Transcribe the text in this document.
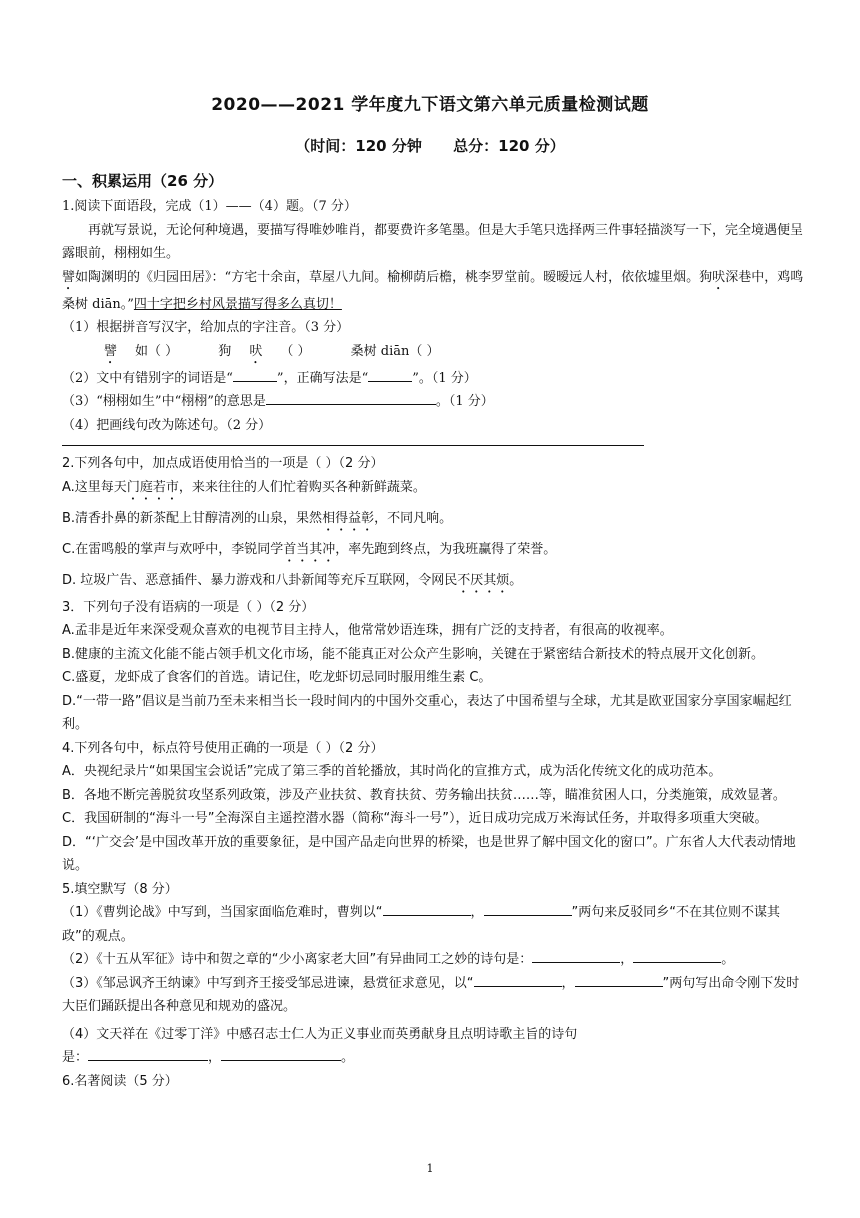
2020——2021 学年度九下语文第六单元质量检测试题
（时间：120 分钟      总分：120 分）
一、积累运用（26 分）

1.阅读下面语段，完成（1）——（4）题。（7 分）

再就写景说，无论何种境遇，要描写得唯妙唯肖，都要费许多笔墨。但是大手笔只选择两三件事轻描淡写一下，完全境遇便呈露眼前，栩栩如生。

譬如陶渊明的《归园田居》：“方宅十余亩，草屋八九间。榆柳荫后檐，桃李罗堂前。暧暧远人村，依依墟里烟。狗吠深巷中，鸡鸣桑树 diān。”四十字把乡村风景描写得多么真切！

（1）根据拼音写汉字，给加点的字注音。（3 分）

譬 如（ ）	狗 吠 （ ）	桑树 diān（ ）

（2）文中有错别字的词语是“	”，正确写法是“	”。（1 分）

（3）“栩栩如生”中“栩栩”的意思是	。（1 分）

（4）把画线句改为陈述句。（2 分）

2.下列各句中，加点成语使用恰当的一项是（ ）（2 分）

A.这里每天门庭若市，来来往往的人们忙着购买各种新鲜蔬菜。

B.清香扑鼻的新茶配上甘醇清冽的山泉，果然相得益彰，不同凡响。

C.在雷鸣般的掌声与欢呼中，李锐同学首当其冲，率先跑到终点，为我班赢得了荣誉。

D. 垃圾广告、恶意插件、暴力游戏和八卦新闻等充斥互联网，令网民不厌其烦。

3．下列句子没有语病的一项是（ ）（2 分）

A.孟非是近年来深受观众喜欢的电视节目主持人，他常常妙语连珠，拥有广泛的支持者，有很高的收视率。

B.健康的主流文化能不能占领手机文化市场，能不能真正对公众产生影响，关键在于紧密结合新技术的特点展开文化创新。

C.盛夏，龙虾成了食客们的首选。请记住，吃龙虾切忌同时服用维生素 C。

D.“一带一路”倡议是当前乃至未来相当长一段时间内的中国外交重心，表达了中国希望与全球，尤其是欧亚国家分享国家崛起红利。

4.下列各句中，标点符号使用正确的一项是（ ）（2 分）

A．央视纪录片“如果国宝会说话”完成了第三季的首轮播放，其时尚化的宣推方式，成为活化传统文化的成功范本。

B．各地不断完善脱贫攻坚系列政策，涉及产业扶贫、教育扶贫、劳务输出扶贫……等，瞄准贫困人口，分类施策，成效显著。

C．我国研制的“海斗一号”全海深自主遥控潜水器（简称“海斗一号”），近日成功完成万米海试任务，并取得多项重大突破。

D．“‘广交会’是中国改革开放的重要象征，是中国产品走向世界的桥梁，也是世界了解中国文化的窗口”。广东省人大代表动情地说。

5.填空默写（8 分）

（1）《曹刿论战》中写到，当国家面临危难时，曹刿以“	，	”两句来反驳同乡“不在其位则不谋其政”的观点。

（2）《十五从军征》诗中和贺之章的“少小离家老大回”有异曲同工之妙的诗句是：	，	。

（3）《邹忌讽齐王纳谏》中写到齐王接受邹忌进谏，悬赏征求意见，以“	，	”两句写出命令刚下发时大臣们踊跃提出各种意见和规劝的盛况。

（4）文天祥在《过零丁洋》中感召志士仁人为正义事业而英勇献身且点明诗歌主旨的诗句

是：	，	。

6.名著阅读（5 分）

1
